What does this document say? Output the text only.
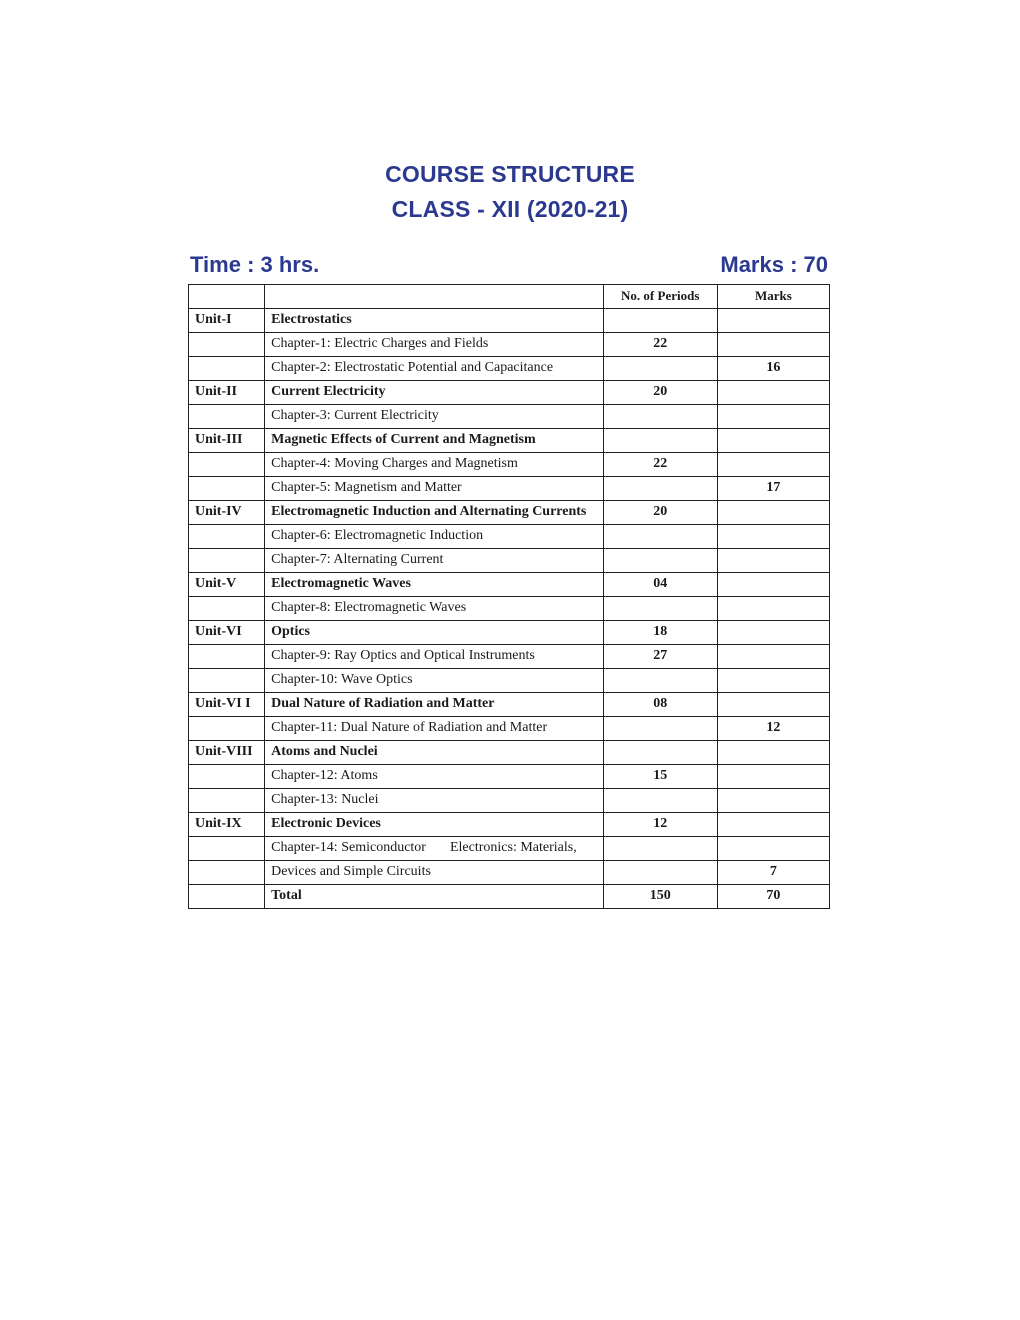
COURSE STRUCTURE
CLASS - XII (2020-21)
Time : 3 hrs.	Marks : 70
		No. of Periods	Marks
Unit-I	Electrostatics		
	Chapter-1: Electric Charges and Fields	22	
	Chapter-2: Electrostatic Potential and Capacitance		16
Unit-II	Current Electricity	20	
	Chapter-3: Current Electricity		
Unit-III	Magnetic Effects of Current and Magnetism		
	Chapter-4: Moving Charges and Magnetism	22	
	Chapter-5: Magnetism and Matter		17
Unit-IV	Electromagnetic Induction and Alternating Currents	20	
	Chapter-6: Electromagnetic Induction		
	Chapter-7: Alternating Current		
Unit-V	Electromagnetic Waves	04	
	Chapter-8: Electromagnetic Waves		
Unit-VI	Optics	18	
	Chapter-9: Ray Optics and Optical Instruments	27	
	Chapter-10: Wave Optics		
Unit-VI I	Dual Nature of Radiation and Matter	08	
	Chapter-11: Dual Nature of Radiation and Matter		12
Unit-VIII	Atoms and Nuclei		
	Chapter-12: Atoms	15	
	Chapter-13: Nuclei		
Unit-IX	Electronic Devices	12	
	Chapter-14: Semiconductor Electronics: Materials,		
	Devices and Simple Circuits		7
	Total	150	70
